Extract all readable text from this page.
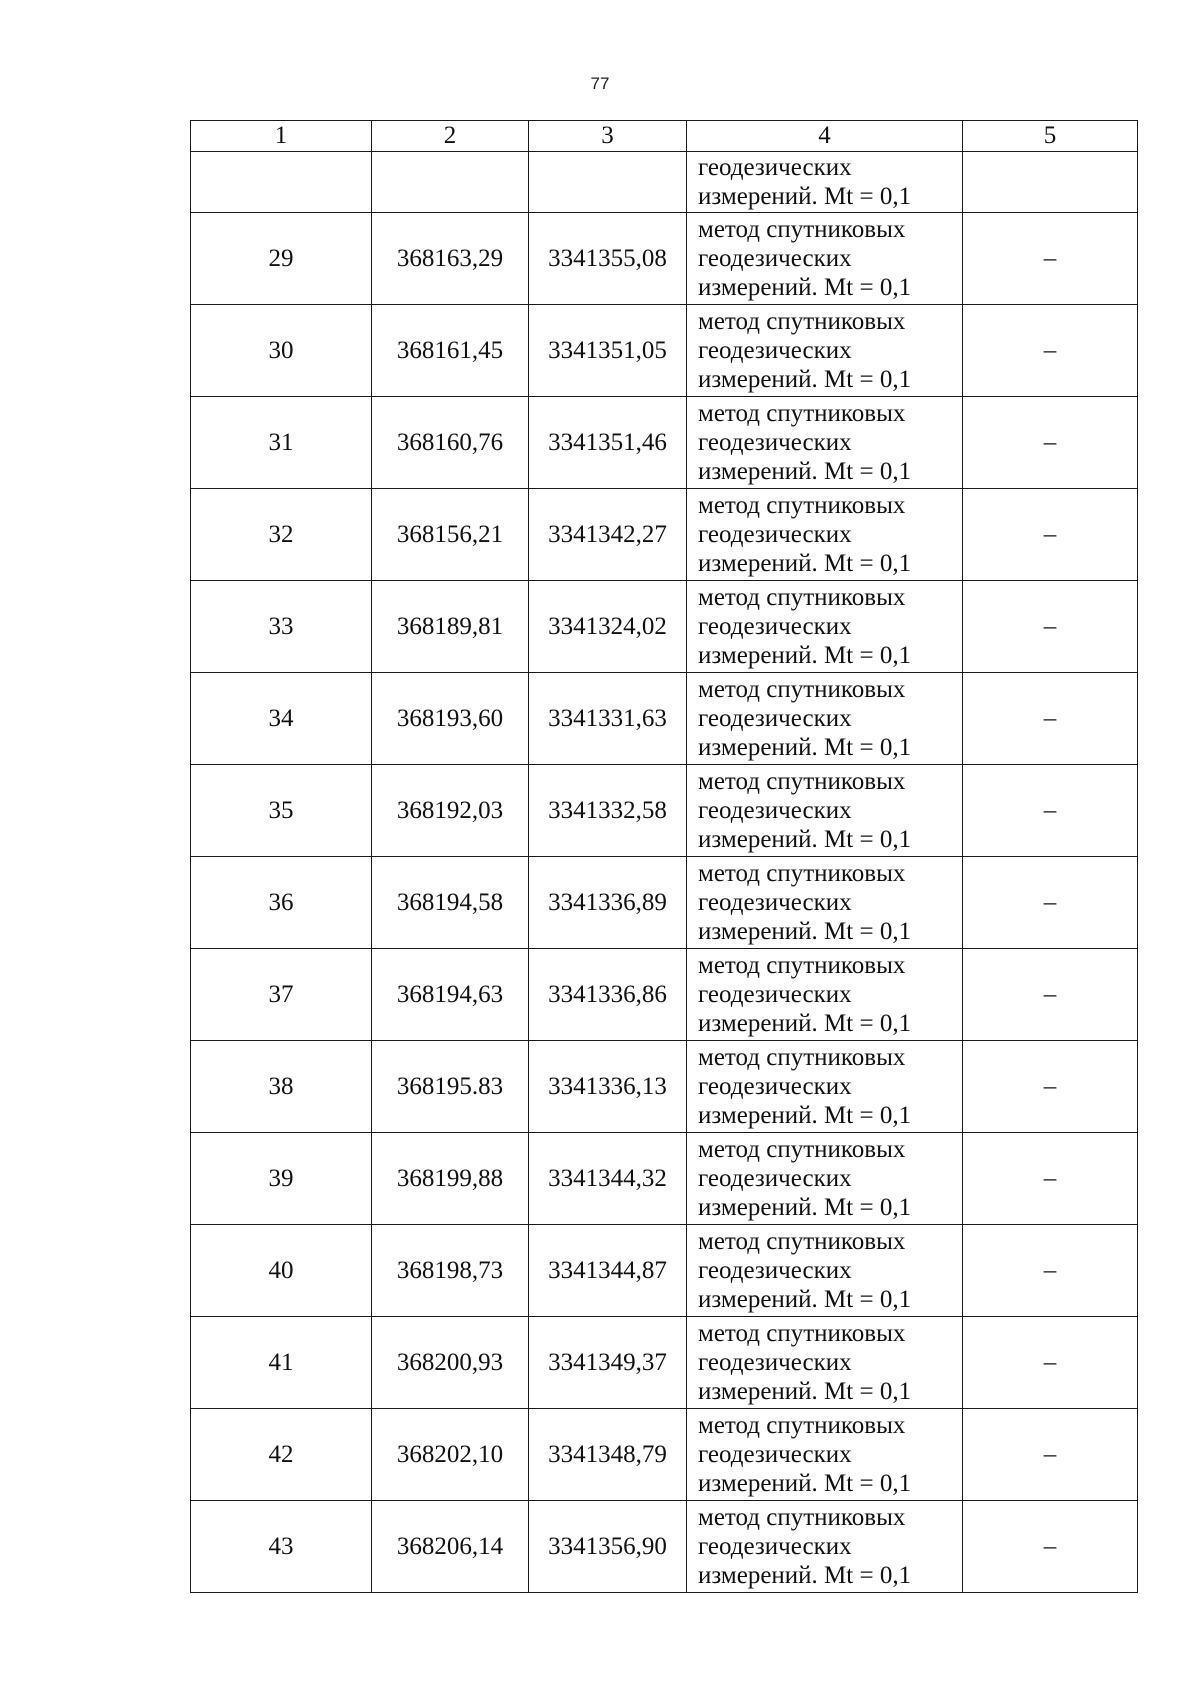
77
1	2	3	4	5

			геодезических
измерений. Mt = 0,1	

29	368163,29	3341355,08	метод спутниковых
геодезических
измерений. Mt = 0,1	–
30	368161,45	3341351,05	метод спутниковых
геодезических
измерений. Mt = 0,1	–
31	368160,76	3341351,46	метод спутниковых
геодезических
измерений. Mt = 0,1	–
32	368156,21	3341342,27	метод спутниковых
геодезических
измерений. Mt = 0,1	–
33	368189,81	3341324,02	метод спутниковых
геодезических
измерений. Mt = 0,1	–
34	368193,60	3341331,63	метод спутниковых
геодезических
измерений. Mt = 0,1	–
35	368192,03	3341332,58	метод спутниковых
геодезических
измерений. Mt = 0,1	–
36	368194,58	3341336,89	метод спутниковых
геодезических
измерений. Mt = 0,1	–
37	368194,63	3341336,86	метод спутниковых
геодезических
измерений. Mt = 0,1	–
38	368195.83	3341336,13	метод спутниковых
геодезических
измерений. Mt = 0,1	–
39	368199,88	3341344,32	метод спутниковых
геодезических
измерений. Mt = 0,1	–
40	368198,73	3341344,87	метод спутниковых
геодезических
измерений. Mt = 0,1	–
41	368200,93	3341349,37	метод спутниковых
геодезических
измерений. Mt = 0,1	–
42	368202,10	3341348,79	метод спутниковых
геодезических
измерений. Mt = 0,1	–
43	368206,14	3341356,90	метод спутниковых
геодезических
измерений. Mt = 0,1	–
